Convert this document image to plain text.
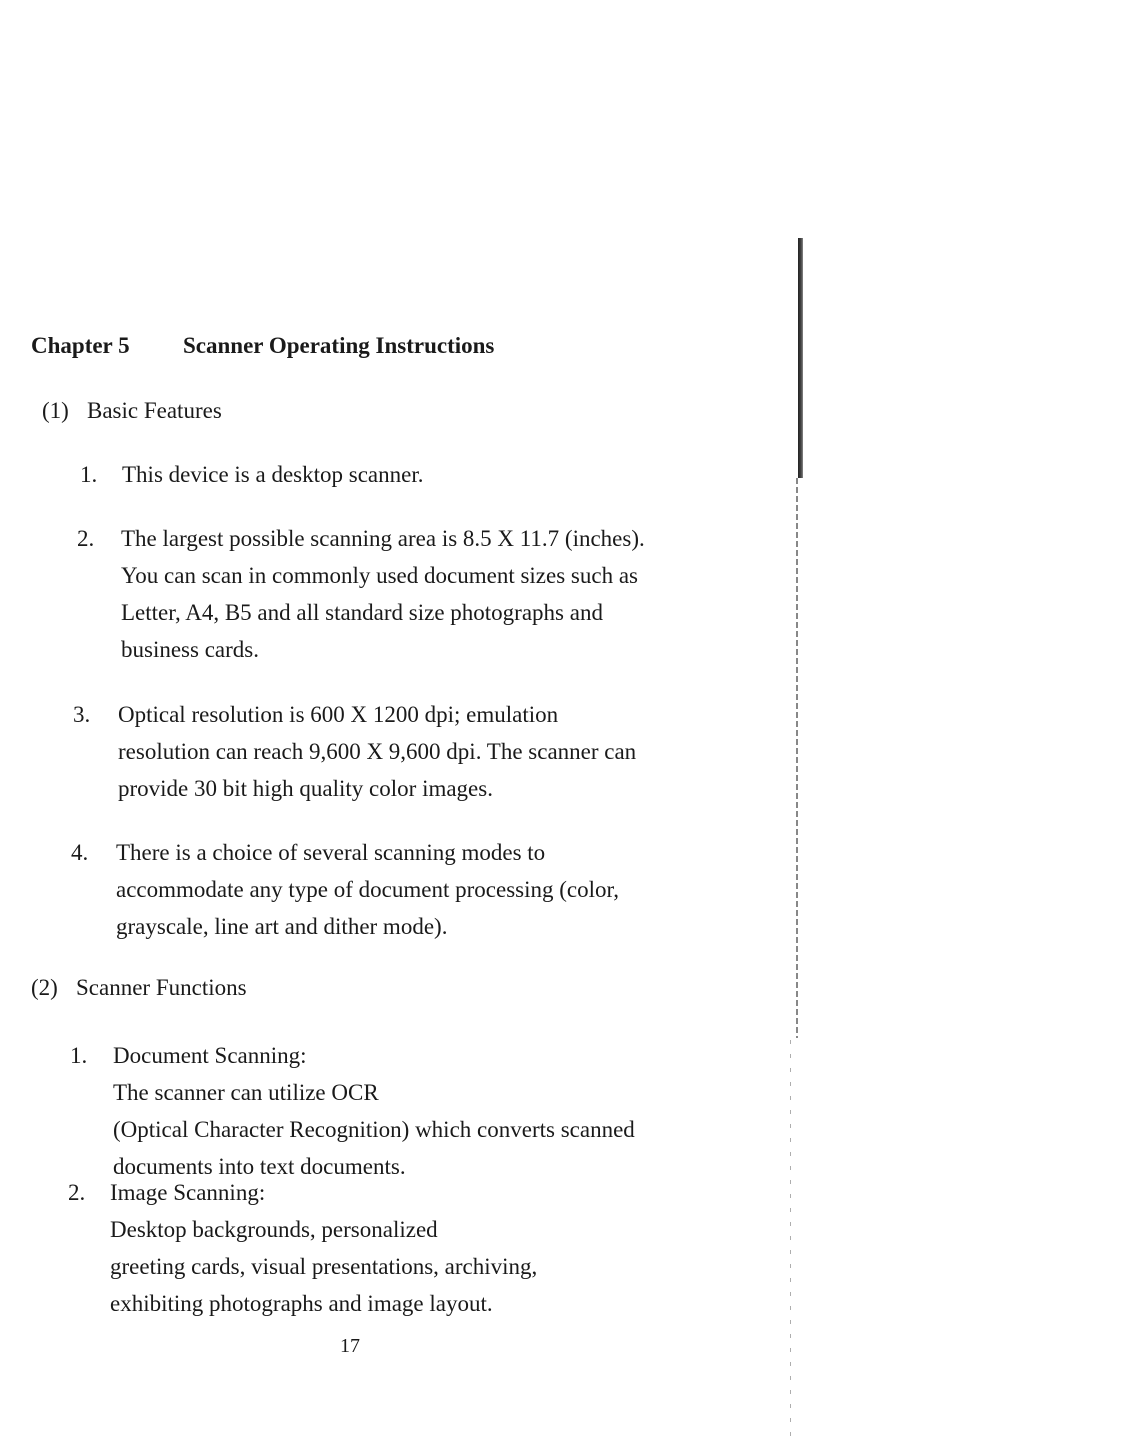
Chapter 5 Scanner Operating Instructions
(1) Basic Features
1. This device is a desktop scanner.
2. The largest possible scanning area is 8.5 X 11.7 (inches).
You can scan in commonly used document sizes such as
Letter, A4, B5 and all standard size photographs and
business cards.
3. Optical resolution is 600 X 1200 dpi; emulation
resolution can reach 9,600 X 9,600 dpi. The scanner can
provide 30 bit high quality color images.
4. There is a choice of several scanning modes to
accommodate any type of document processing (color,
grayscale, line art and dither mode).
(2) Scanner Functions
1. Document Scanning:
The scanner can utilize OCR
(Optical Character Recognition) which converts scanned
documents into text documents.
2. Image Scanning:
Desktop backgrounds, personalized
greeting cards, visual presentations, archiving,
exhibiting photographs and image layout.
17
